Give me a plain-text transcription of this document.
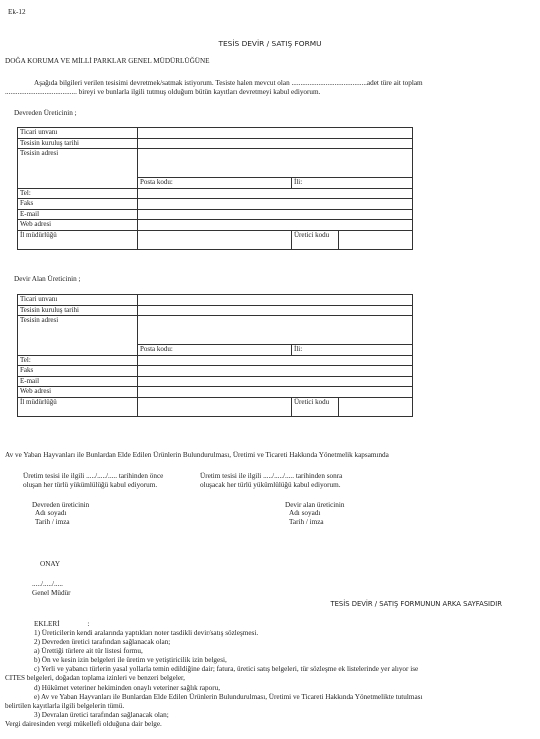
Ek-12
TESİS DEVİR / SATIŞ FORMU
DOĞA KORUMA VE MİLLİ PARKLAR GENEL MÜDÜRLÜĞÜNE
Aşağıda bilgileri verilen tesisimi devretmek/satmak istiyorum. Tesiste halen mevcut olan ..........................................adet türe ait toplam
........................................ bireyi ve bunlarla ilgili tutmuş olduğum bütün kayıtları devretmeyi kabul ediyorum.
Devreden Üreticinin ;
Ticari unvanı			
Tesisin kuruluş tarihi			
Tesisin adresi			
	Posta kodu:	İli:	
Tel:			
Faks			
E-mail			
Web adresi			
İl müdürlüğü		Üretici kodu	
Devir Alan Üreticinin ;
Ticari unvanı			
Tesisin kuruluş tarihi			
Tesisin adresi			
	Posta kodu:	İli:	
Tel:			
Faks			
E-mail			
Web adresi			
İl müdürlüğü		Üretici kodu	
Av ve Yaban Hayvanları ile Bunlardan Elde Edilen Ürünlerin Bulundurulması, Üretimi ve Ticareti Hakkında Yönetmelik kapsamında
Üretim tesisi ile ilgili ...../...../..... tarihinden önce
oluşan her türlü yükümlülüğü kabul ediyorum.
Üretim tesisi ile ilgili ...../...../..... tarihinden sonra
oluşacak her türlü yükümlülüğü kabul ediyorum.
Devreden üreticinin
Adı soyadı
Tarih / imza
Devir alan üreticinin
Adı soyadı
Tarih / imza
ONAY
...../...../.....
Genel Müdür
TESİS DEVİR / SATIŞ FORMUNUN ARKA SAYFASIDIR
EKLERİ	:
1) Üreticilerin kendi aralarında yaptıkları noter tasdikli devir/satış sözleşmesi.
2) Devreden üretici tarafından sağlanacak olan;
a) Ürettiği türlere ait tür listesi formu,
b) Ön ve kesin izin belgeleri ile üretim ve yetiştiricilik izin belgesi,
c) Yerli ve yabancı türlerin yasal yollarla temin edildiğine dair; fatura, üretici satış belgeleri, tür sözleşme ek listelerinde yer alıyor ise
CITES belgeleri, doğadan toplama izinleri ve benzeri belgeler,
d) Hükümet veteriner hekiminden onaylı veteriner sağlık raporu,
e) Av ve Yaban Hayvanları ile Bunlardan Elde Edilen Ürünlerin Bulundurulması, Üretimi ve Ticareti Hakkında Yönetmelikte tutulması
belirtilen kayıtlarla ilgili belgelerin tümü.
3) Devralan üretici tarafından sağlanacak olan;
Vergi dairesinden vergi mükellefi olduğuna dair belge.
